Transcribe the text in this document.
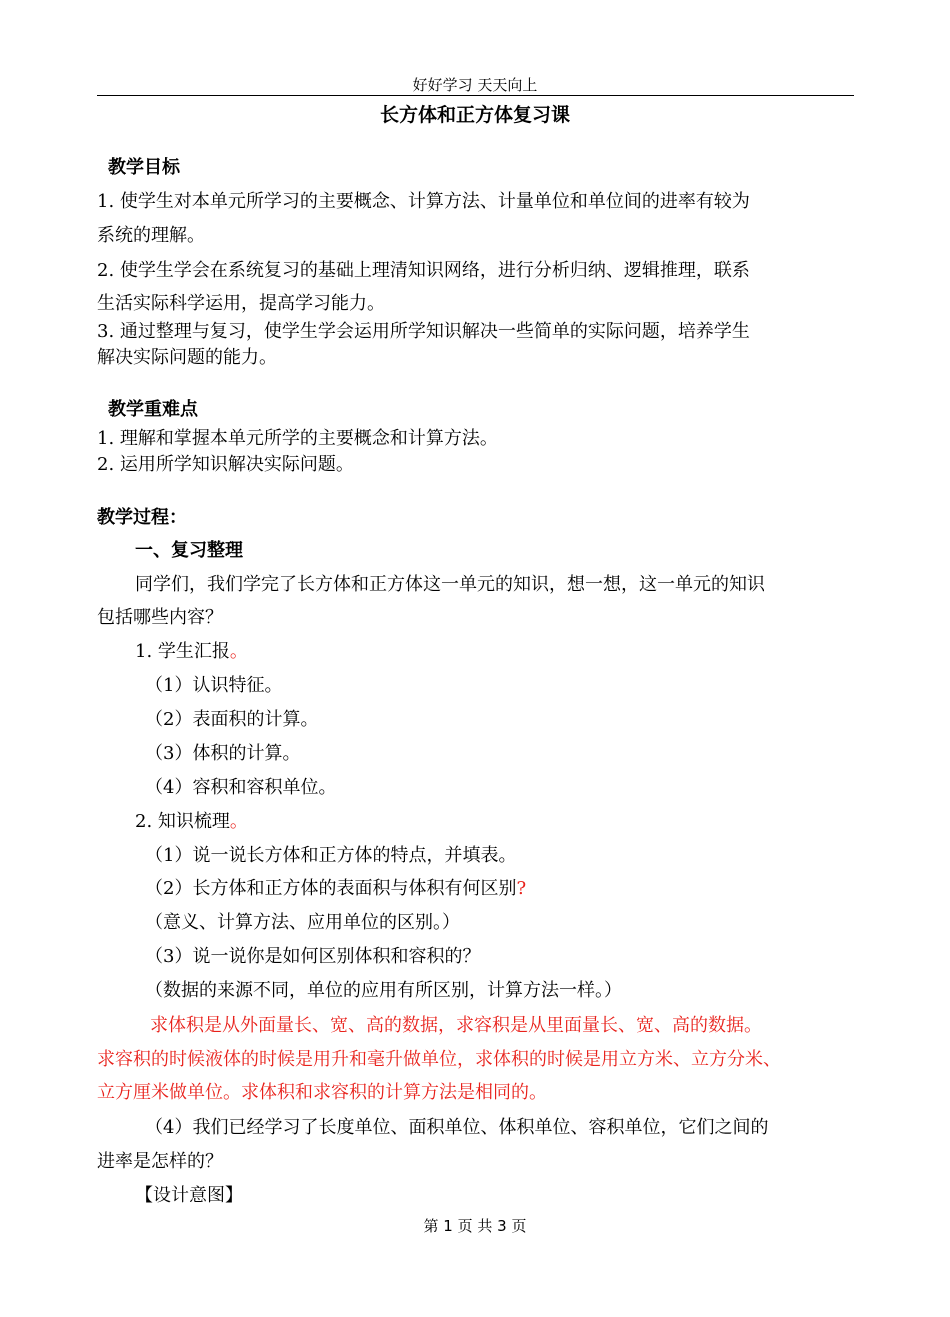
好好学习 天天向上
长方体和正方体复习课
教学目标
1. 使学生对本单元所学习的主要概念、计算方法、计量单位和单位间的进率有较为
系统的理解。
2. 使学生学会在系统复习的基础上理清知识网络，进行分析归纳、逻辑推理，联系
生活实际科学运用，提高学习能力。
3. 通过整理与复习，使学生学会运用所学知识解决一些简单的实际问题，培养学生
解决实际问题的能力。
教学重难点
1. 理解和掌握本单元所学的主要概念和计算方法。
2. 运用所学知识解决实际问题。
教学过程：
一、复习整理
同学们，我们学完了长方体和正方体这一单元的知识，想一想，这一单元的知识
包括哪些内容？
1. 学生汇报。
（1）认识特征。
（2）表面积的计算。
（3）体积的计算。
（4）容积和容积单位。
2. 知识梳理。
（1）说一说长方体和正方体的特点，并填表。
（2）长方体和正方体的表面积与体积有何区别?
（意义、计算方法、应用单位的区别。）
（3）说一说你是如何区别体积和容积的？
（数据的来源不同，单位的应用有所区别，计算方法一样。）
求体积是从外面量长、宽、高的数据，求容积是从里面量长、宽、高的数据。
求容积的时候液体的时候是用升和毫升做单位，求体积的时候是用立方米、立方分米、
立方厘米做单位。求体积和求容积的计算方法是相同的。
（4）我们已经学习了长度单位、面积单位、体积单位、容积单位，它们之间的
进率是怎样的？
【设计意图】
第 1 页 共 3 页
